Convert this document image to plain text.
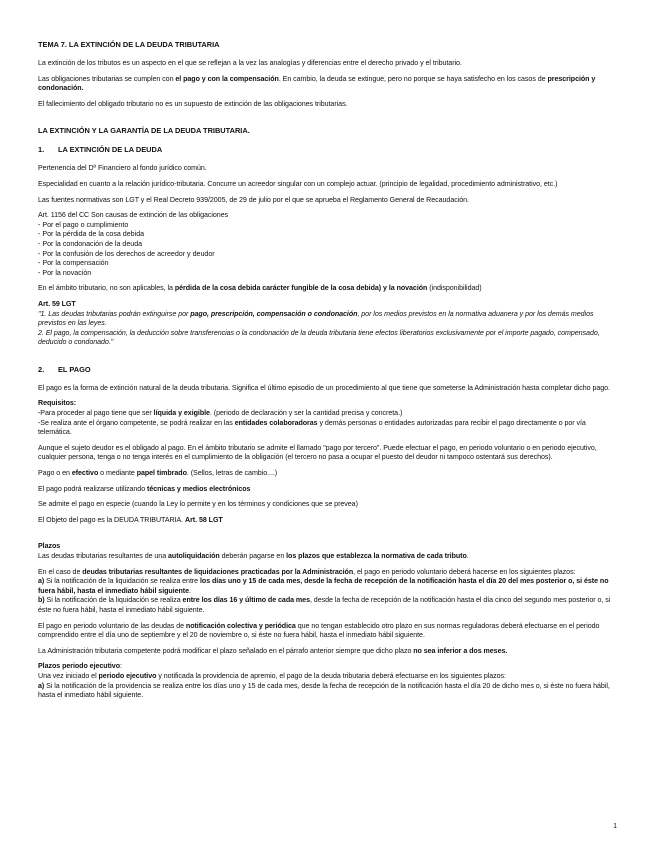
TEMA 7. LA EXTINCIÓN DE LA DEUDA TRIBUTARIA

La extinción de los tributos es un aspecto en el que se reflejan a la vez las analogías y diferencias entre el derecho privado y el tributario.

Las obligaciones tributarias se cumplen con el pago y con la compensación. En cambio, la deuda se extingue, pero no porque se haya satisfecho en los casos de prescripción y condonación.

El fallecimiento del obligado tributario no es un supuesto de extinción de las obligaciones tributarias.

LA EXTINCIÓN Y LA GARANTÍA DE LA DEUDA TRIBUTARIA.
1. LA EXTINCIÓN DE LA DEUDA

Pertenencia del Dº Financiero al fondo jurídico común.

Especialidad en cuanto a la relación jurídico-tributaria. Concurre un acreedor singular con un complejo actuar. (principio de legalidad, procedimiento administrativo, etc.)

Las fuentes normativas son LGT y el Real Decreto 939/2005, de 29 de julio por el que se aprueba el Reglamento General de Recaudación.

Art. 1156 del CC Son causas de extinción de las obligaciones

- Por el pago o cumplimiento
- Por la pérdida de la cosa debida
- Por la condonación de la deuda
- Por la confusión de los derechos de acreedor y deudor
- Por la compensación
- Por la novación

En el ámbito tributario, no son aplicables, la pérdida de la cosa debida carácter fungible de la cosa debida) y la novación (indisponibilidad)

Art. 59 LGT

"1. Las deudas tributarias podrán extinguirse por pago, prescripción, compensación o condonación, por los medios previstos en la normativa aduanera y por los demás medios previstos en las leyes.

2. El pago, la compensación, la deducción sobre transferencias o la condonación de la deuda tributaria tiene efectos liberatorios exclusivamente por el importe pagado, compensado, deducido o condonado."

2. EL PAGO

El pago es la forma de extinción natural de la deuda tributaria. Significa el último episodio de un procedimiento al que tiene que someterse la Administración hasta completar dicho pago.

Requisitos:

-Para proceder al pago tiene que ser líquida y exigible. (periodo de declaración y ser la cantidad precisa y concreta.)

-Se realiza ante el órgano competente, se podrá realizar en las entidades colaboradoras y demás personas o entidades autorizadas para recibir el pago directamente o por vía telemática.

Aunque el sujeto deudor es el obligado al pago. En el ámbito tributario se admite el llamado "pago por tercero". Puede efectuar el pago, en periodo voluntario o en periodo ejecutivo, cualquier persona, tenga o no tenga interés en el cumplimiento de la obligación (el tercero no pasa a ocupar el puesto del deudor ni tampoco ostentará sus derechos).

Pago o en efectivo o mediante papel timbrado. (Sellos, letras de cambio....)

El pago podrá realizarse utilizando técnicas y medios electrónicos

Se admite el pago en especie (cuando la Ley lo permite y en los términos y condiciones que se prevea)

El Objeto del pago es la DEUDA TRIBUTARIA. Art. 58 LGT

Plazos

Las deudas tributarias resultantes de una autoliquidación deberán pagarse en los plazos que establezca la normativa de cada tributo.

En el caso de deudas tributarias resultantes de liquidaciones practicadas por la Administración, el pago en periodo voluntario deberá hacerse en los siguientes plazos:

a) Si la notificación de la liquidación se realiza entre los días uno y 15 de cada mes, desde la fecha de recepción de la notificación hasta el día 20 del mes posterior o, si éste no fuera hábil, hasta el inmediato hábil siguiente.

b) Si la notificación de la liquidación se realiza entre los días 16 y último de cada mes, desde la fecha de recepción de la notificación hasta el día cinco del segundo mes posterior o, si éste no fuera hábil, hasta el inmediato hábil siguiente.

El pago en periodo voluntario de las deudas de notificación colectiva y periódica que no tengan establecido otro plazo en sus normas reguladoras deberá efectuarse en el periodo comprendido entre el día uno de septiembre y el 20 de noviembre o, si éste no fuera hábil, hasta el inmediato hábil siguiente.

La Administración tributaria competente podrá modificar el plazo señalado en el párrafo anterior siempre que dicho plazo no sea inferior a dos meses.

Plazos periodo ejecutivo:

Una vez iniciado el periodo ejecutivo y notificada la providencia de apremio, el pago de la deuda tributaria deberá efectuarse en los siguientes plazos:

a) Si la notificación de la providencia se realiza entre los días uno y 15 de cada mes, desde la fecha de recepción de la notificación hasta el día 20 de dicho mes o, si éste no fuera hábil, hasta el inmediato hábil siguiente.

1
